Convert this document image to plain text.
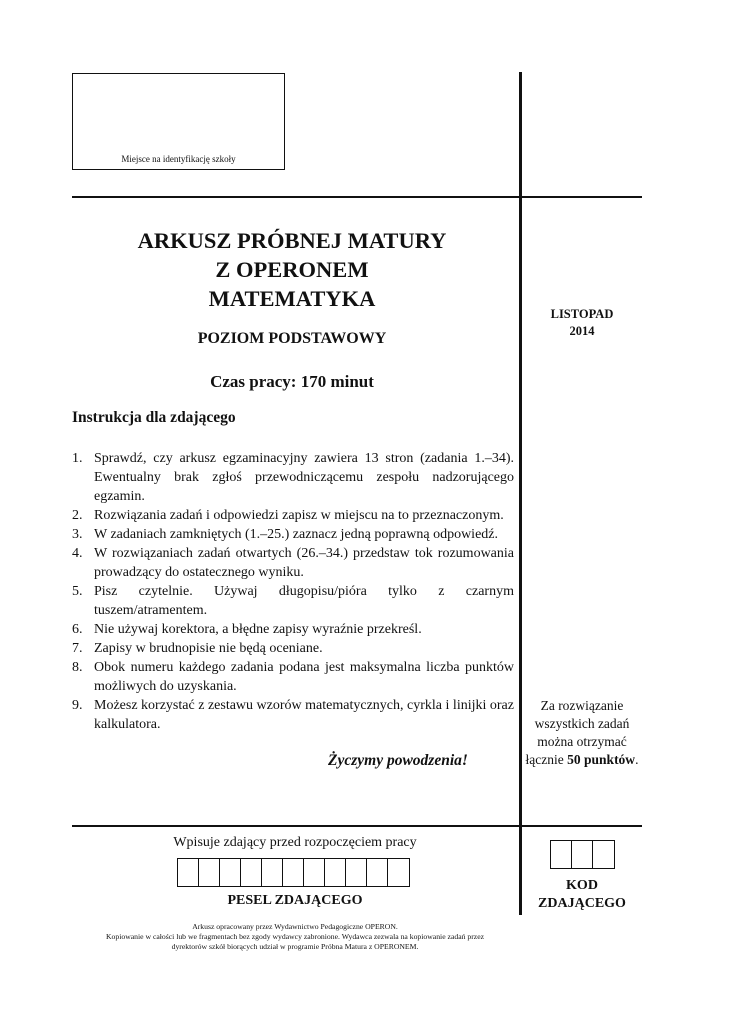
Miejsce na identyfikację szkoły
ARKUSZ PRÓBNEJ MATURY
Z OPERONEM
MATEMATYKA
POZIOM PODSTAWOWY
Czas pracy: 170 minut
Instrukcja dla zdającego
1. Sprawdź, czy arkusz egzaminacyjny zawiera 13 stron (zadania 1.–34). Ewentualny brak zgłoś przewodniczącemu zespołu nadzorującego egzamin.
2. Rozwiązania zadań i odpowiedzi zapisz w miejscu na to przeznaczonym.
3. W zadaniach zamkniętych (1.–25.) zaznacz jedną poprawną odpowiedź.
4. W rozwiązaniach zadań otwartych (26.–34.) przedstaw tok rozumowania prowadzący do ostatecznego wyniku.
5. Pisz czytelnie. Używaj długopisu/pióra tylko z czarnym tuszem/atramentem.
6. Nie używaj korektora, a błędne zapisy wyraźnie przekreśl.
7. Zapisy w brudnopisie nie będą oceniane.
8. Obok numeru każdego zadania podana jest maksymalna liczba punktów możliwych do uzyskania.
9. Możesz korzystać z zestawu wzorów matematycznych, cyrkla i linijki oraz kalkulatora.
Życzymy powodzenia!
LISTOPAD
2014
Za rozwiązanie
wszystkich zadań
można otrzymać
łącznie 50 punktów.
Wpisuje zdający przed rozpoczęciem pracy
PESEL ZDAJĄCEGO
KOD
ZDAJĄCEGO
Arkusz opracowany przez Wydawnictwo Pedagogiczne OPERON.
Kopiowanie w całości lub we fragmentach bez zgody wydawcy zabronione. Wydawca zezwala na kopiowanie zadań przez
dyrektorów szkół biorących udział w programie Próbna Matura z OPERONEM.
